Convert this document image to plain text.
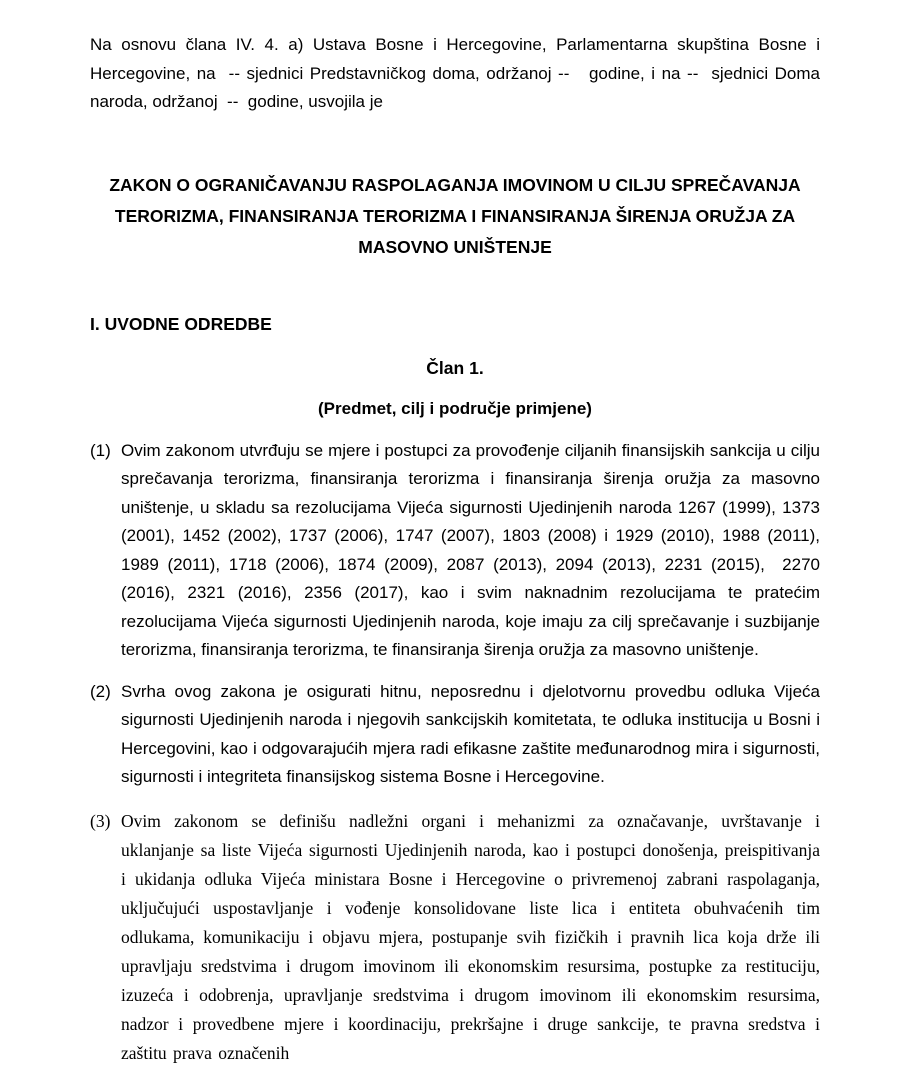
Na osnovu člana IV. 4. a) Ustava Bosne i Hercegovine, Parlamentarna skupština Bosne i Hercegovine, na  -- sjednici Predstavničkog doma, održanoj --   godine, i na --  sjednici Doma naroda, održanoj  --  godine, usvojila je

ZAKON O OGRANIČAVANJU RASPOLAGANJA IMOVINOM U CILJU SPREČAVANJA TERORIZMA, FINANSIRANJA TERORIZMA I FINANSIRANJA ŠIRENJA ORUŽJA ZA MASOVNO UNIŠTENJE
I. UVODNE ODREDBE
Član 1.
(Predmet, cilj i područje primjene)
(1) Ovim zakonom utvrđuju se mjere i postupci za provođenje ciljanih finansijskih sankcija u cilju sprečavanja terorizma, finansiranja terorizma i finansiranja širenja oružja za masovno uništenje, u skladu sa rezolucijama Vijeća sigurnosti Ujedinjenih naroda 1267 (1999), 1373 (2001), 1452 (2002), 1737 (2006), 1747 (2007), 1803 (2008) i 1929 (2010), 1988 (2011), 1989 (2011), 1718 (2006), 1874 (2009), 2087 (2013), 2094 (2013), 2231 (2015),  2270 (2016), 2321 (2016), 2356 (2017), kao i svim naknadnim rezolucijama te pratećim rezolucijama Vijeća sigurnosti Ujedinjenih naroda, koje imaju za cilj sprečavanje i suzbijanje terorizma, finansiranja terorizma, te finansiranja širenja oružja za masovno uništenje.
(2) Svrha ovog zakona je osigurati hitnu, neposrednu i djelotvornu provedbu odluka Vijeća sigurnosti Ujedinjenih naroda i njegovih sankcijskih komitetata, te odluka institucija u Bosni i Hercegovini, kao i odgovarajućih mjera radi efikasne zaštite međunarodnog mira i sigurnosti, sigurnosti i integriteta finansijskog sistema Bosne i Hercegovine.
(3) Ovim zakonom se definišu nadležni organi i mehanizmi za označavanje, uvrštavanje i uklanjanje sa liste Vijeća sigurnosti Ujedinjenih naroda, kao i postupci donošenja, preispitivanja i ukidanja odluka Vijeća ministara Bosne i Hercegovine o privremenoj zabrani raspolaganja, uključujući uspostavljanje i vođenje konsolidovane liste lica i entiteta obuhvaćenih tim odlukama, komunikaciju i objavu mjera, postupanje svih fizičkih i pravnih lica koja drže ili upravljaju sredstvima i drugom imovinom ili ekonomskim resursima, postupke za restituciju, izuzeća i odobrenja, upravljanje sredstvima i drugom imovinom ili ekonomskim resursima, nadzor i provedbene mjere i koordinaciju, prekršajne i druge sankcije, te pravna sredstva i zaštitu prava označenih
